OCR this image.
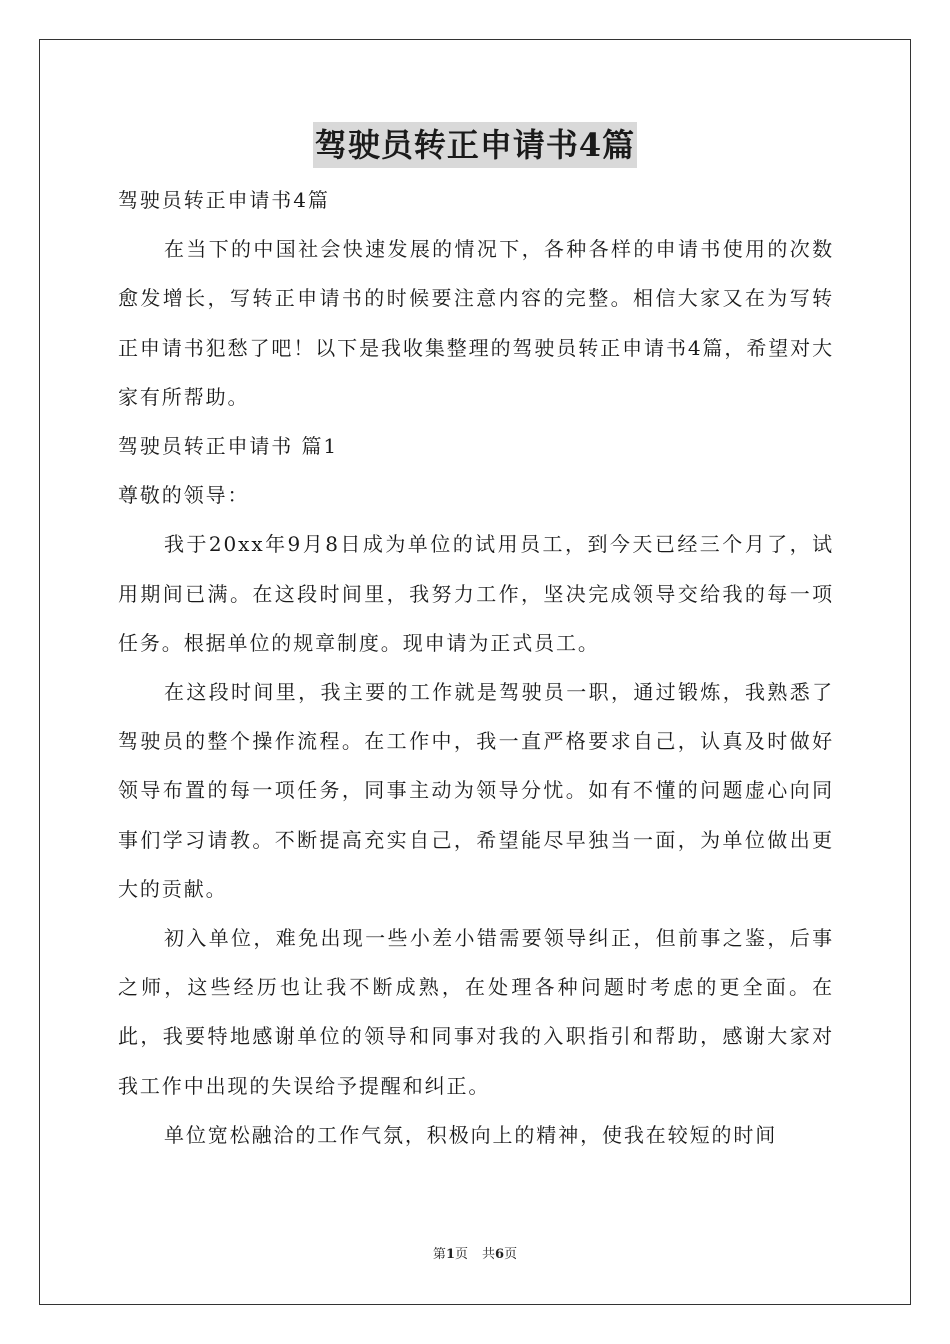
驾驶员转正申请书4篇

驾驶员转正申请书4篇

在当下的中国社会快速发展的情况下，各种各样的申请书使用的次数愈发增长，写转正申请书的时候要注意内容的完整。相信大家又在为写转正申请书犯愁了吧！以下是我收集整理的驾驶员转正申请书4篇，希望对大家有所帮助。

驾驶员转正申请书 篇1

尊敬的领导：

我于20xx年9月8日成为单位的试用员工，到今天已经三个月了，试用期间已满。在这段时间里，我努力工作，坚决完成领导交给我的每一项任务。根据单位的规章制度。现申请为正式员工。

在这段时间里，我主要的工作就是驾驶员一职，通过锻炼，我熟悉了驾驶员的整个操作流程。在工作中，我一直严格要求自己，认真及时做好领导布置的每一项任务，同事主动为领导分忧。如有不懂的问题虚心向同事们学习请教。不断提高充实自己，希望能尽早独当一面，为单位做出更大的贡献。

初入单位，难免出现一些小差小错需要领导纠正，但前事之鉴，后事之师，这些经历也让我不断成熟，在处理各种问题时考虑的更全面。在此，我要特地感谢单位的领导和同事对我的入职指引和帮助，感谢大家对我工作中出现的失误给予提醒和纠正。

单位宽松融洽的工作气氛，积极向上的精神，使我在较短的时间

第1页 共6页
